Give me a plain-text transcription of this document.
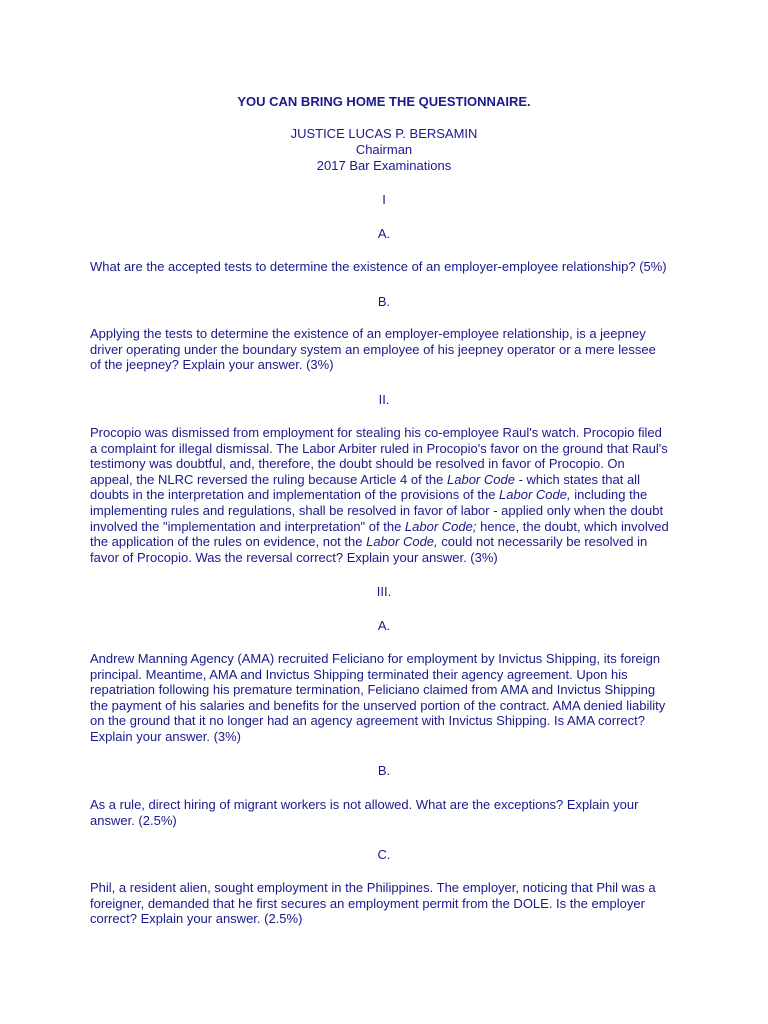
YOU CAN BRING HOME THE QUESTIONNAIRE.
JUSTICE LUCAS P. BERSAMIN
Chairman
2017 Bar Examinations
I
A.
What are the accepted tests to determine the existence of an employer-employee relationship? (5%)
B.
Applying the tests to determine the existence of an employer-employee relationship, is a jeepney
driver operating under the boundary system an employee of his jeepney operator or a mere lessee
of the jeepney? Explain your answer. (3%)
II.
Procopio was dismissed from employment for stealing his co-employee Raul's watch. Procopio filed
a complaint for illegal dismissal. The Labor Arbiter ruled in Procopio's favor on the ground that Raul's
testimony was doubtful, and, therefore, the doubt should be resolved in favor of Procopio. On
appeal, the NLRC reversed the ruling because Article 4 of the Labor Code - which states that all
doubts in the interpretation and implementation of the provisions of the Labor Code, including the
implementing rules and regulations, shall be resolved in favor of labor - applied only when the doubt
involved the "implementation and interpretation" of the Labor Code; hence, the doubt, which involved
the application of the rules on evidence, not the Labor Code, could not necessarily be resolved in
favor of Procopio. Was the reversal correct? Explain your answer. (3%)
III.
A.
Andrew Manning Agency (AMA) recruited Feliciano for employment by Invictus Shipping, its foreign
principal. Meantime, AMA and Invictus Shipping terminated their agency agreement. Upon his
repatriation following his premature termination, Feliciano claimed from AMA and Invictus Shipping
the payment of his salaries and benefits for the unserved portion of the contract. AMA denied liability
on the ground that it no longer had an agency agreement with Invictus Shipping. Is AMA correct?
Explain your answer. (3%)
B.
As a rule, direct hiring of migrant workers is not allowed. What are the exceptions? Explain your
answer. (2.5%)
C.
Phil, a resident alien, sought employment in the Philippines. The employer, noticing that Phil was a
foreigner, demanded that he first secures an employment permit from the DOLE. Is the employer
correct? Explain your answer. (2.5%)
